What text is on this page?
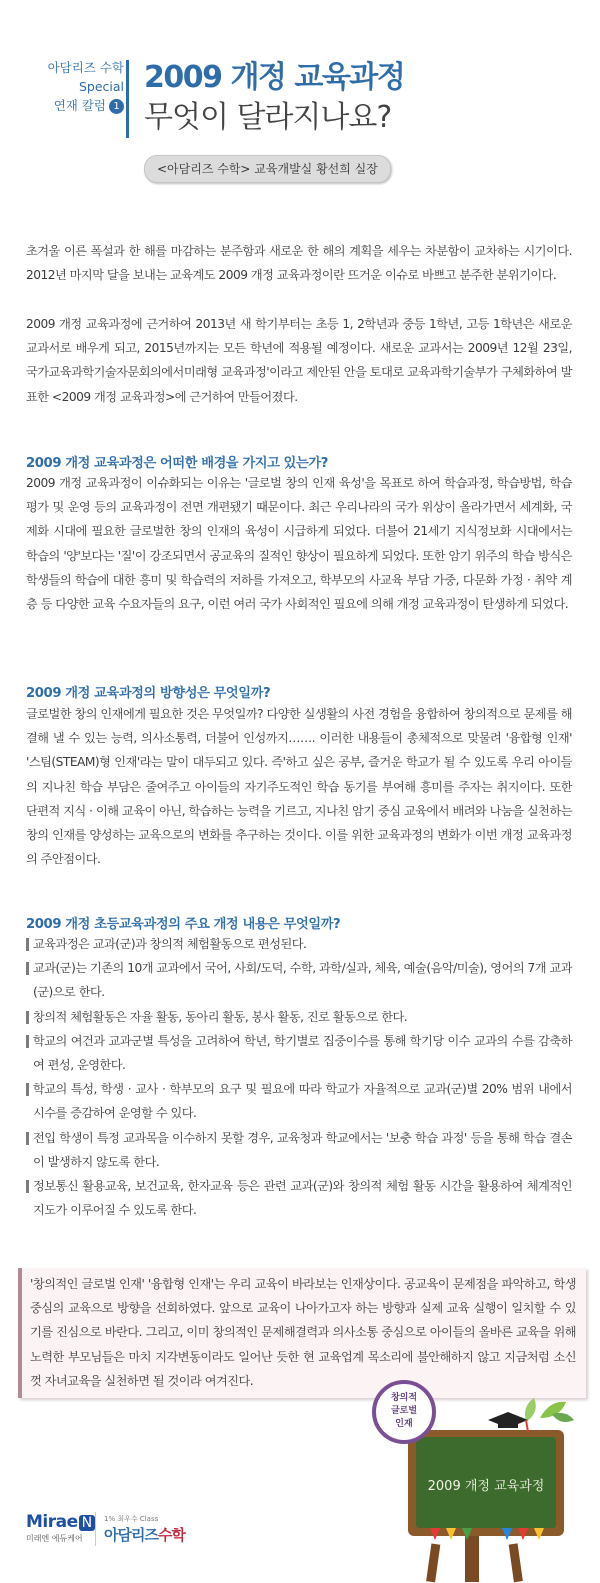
아담리즈 수학
Special
연재 칼럼 1
2009 개정 교육과정
무엇이 달라지나요?
<아담리즈 수학> 교육개발실 황선희 실장
초겨울 이른 폭설과 한 해를 마감하는 분주함과 새로운 한 해의 계획을 세우는 차분함이 교차하는 시기이다. 2012년 마지막 달을 보내는 교육계도 2009 개정 교육과정이란 뜨거운 이슈로 바쁘고 분주한 분위기이다.
2009 개정 교육과정에 근거하여 2013년 새 학기부터는 초등 1, 2학년과 중등 1학년, 고등 1학년은 새로운 교과서로 배우게 되고, 2015년까지는 모든 학년에 적용될 예정이다. 새로운 교과서는 2009년 12월 23일, 국가교육과학기술자문회의에서미래형 교육과정'이라고 제안된 안을 토대로 교육과학기술부가 구체화하여 발표한 <2009 개정 교육과정>에 근거하여 만들어졌다.
2009 개정 교육과정은 어떠한 배경을 가지고 있는가?
2009 개정 교육과정이 이슈화되는 이유는 '글로벌 창의 인재 육성'을 목표로 하여 학습과정, 학습방법, 학습평가 및 운영 등의 교육과정이 전면 개편됐기 때문이다. 최근 우리나라의 국가 위상이 올라가면서 세계화, 국제화 시대에 필요한 글로벌한 창의 인재의 육성이 시급하게 되었다. 더불어 21세기 지식정보화 시대에서는 학습의 '양'보다는 '질'이 강조되면서 공교육의 질적인 향상이 필요하게 되었다. 또한 암기 위주의 학습 방식은 학생들의 학습에 대한 흥미 및 학습력의 저하를 가져오고, 학부모의 사교육 부담 가중, 다문화 가정 · 취약 계층 등 다양한 교육 수요자들의 요구, 이런 여러 국가 사회적인 필요에 의해 개정 교육과정이 탄생하게 되었다.
2009 개정 교육과정의 방향성은 무엇일까?
글로벌한 창의 인재에게 필요한 것은 무엇일까? 다양한 실생활의 사전 경험을 융합하여 창의적으로 문제를 해결해 낼 수 있는 능력, 의사소통력, 더불어 인성까지……. 이러한 내용들이 총체적으로 맞물려 '융합형 인재' '스팀(STEAM)형 인재'라는 말이 대두되고 있다. 즉'하고 싶은 공부, 즐거운 학교가 될 수 있도록 우리 아이들의 지나친 학습 부담은 줄여주고 아이들의 자기주도적인 학습 동기를 부여해 흥미를 주자는 취지이다. 또한 단편적 지식 · 이해 교육이 아닌, 학습하는 능력을 기르고, 지나친 암기 중심 교육에서 배려와 나눔을 실천하는 창의 인재를 양성하는 교육으로의 변화를 추구하는 것이다. 이를 위한 교육과정의 변화가 이번 개정 교육과정의 주안점이다.
2009 개정 초등교육과정의 주요 개정 내용은 무엇일까?

교육과정은 교과(군)과 창의적 체험활동으로 편성된다.

교과(군)는 기존의 10개 교과에서 국어, 사회/도덕, 수학, 과학/실과, 체육, 예술(음악/미술), 영어의 7개 교과(군)으로 한다.

창의적 체험활동은 자율 활동, 동아리 활동, 봉사 활동, 진로 활동으로 한다.

학교의 여건과 교과군별 특성을 고려하여 학년, 학기별로 집중이수를 통해 학기당 이수 교과의 수를 감축하여 편성, 운영한다.

학교의 특성, 학생 · 교사 · 학부모의 요구 및 필요에 따라 학교가 자율적으로 교과(군)별 20% 범위 내에서 시수를 증감하여 운영할 수 있다.

전입 학생이 특정 교과목을 이수하지 못할 경우, 교육청과 학교에서는 '보충 학습 과정' 등을 통해 학습 결손이 발생하지 않도록 한다.

정보통신 활용교육, 보건교육, 한자교육 등은 관련 교과(군)와 창의적 체험 활동 시간을 활용하여 체계적인 지도가 이루어질 수 있도록 한다.

'창의적인 글로벌 인재' '융합형 인재'는 우리 교육이 바라보는 인재상이다. 공교육이 문제점을 파악하고, 학생중심의 교육으로 방향을 선회하였다. 앞으로 교육이 나아가고자 하는 방향과 실제 교육 실행이 일치할 수 있기를 진심으로 바란다. 그리고, 이미 창의적인 문제해결력과 의사소통 중심으로 아이들의 올바른 교육을 위해 노력한 부모님들은 마치 지각변동이라도 일어난 듯한 현 교육업계 목소리에 불안해하지 않고 지금처럼 소신껏 자녀교육을 실천하면 될 것이라 여겨진다.

창의적
글로벌
인재
2009 개정 교육과정
Mirae N
미래엔 에듀케어
1% 최우수 Class
아담리즈수학
